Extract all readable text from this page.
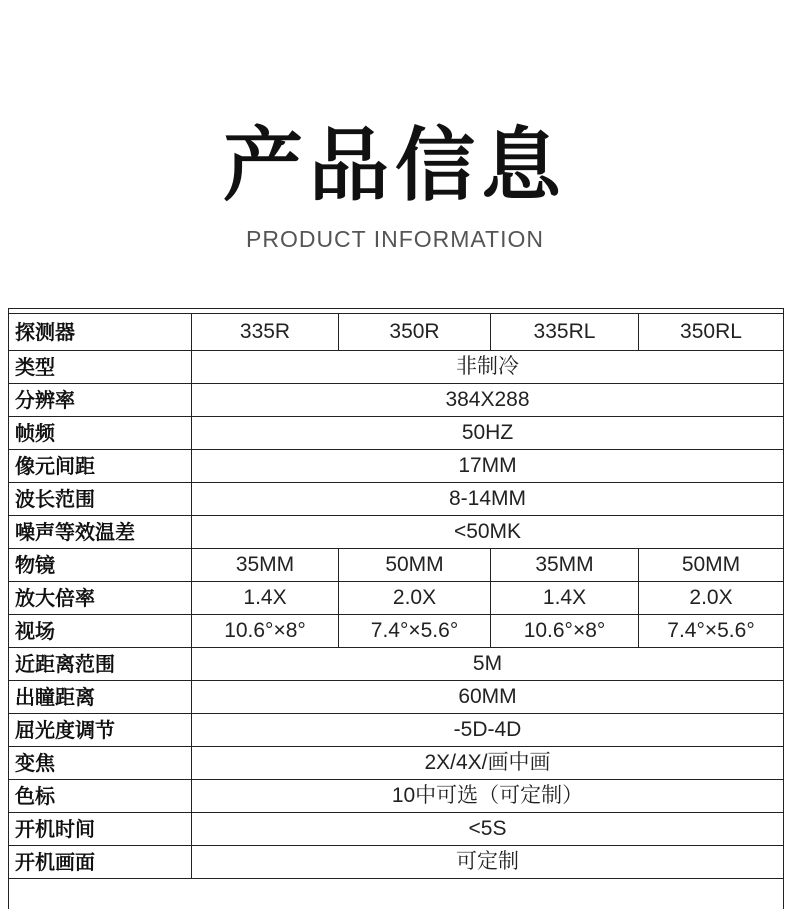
产品信息
PRODUCT INFORMATION
探测器	335R	350R	335RL	350RL
类型	非制冷			
分辨率	384X288			
帧频	50HZ			
像元间距	17MM			
波长范围	8-14MM			
噪声等效温差	<50MK			
物镜	35MM	50MM	35MM	50MM
放大倍率	1.4X	2.0X	1.4X	2.0X
视场	10.6°×8°	7.4°×5.6°	10.6°×8°	7.4°×5.6°
近距离范围	5M			
出瞳距离	60MM			
屈光度调节	-5D-4D			
变焦	2X/4X/画中画			
色标	10中可选（可定制）			
开机时间	<5S			
开机画面	可定制			
